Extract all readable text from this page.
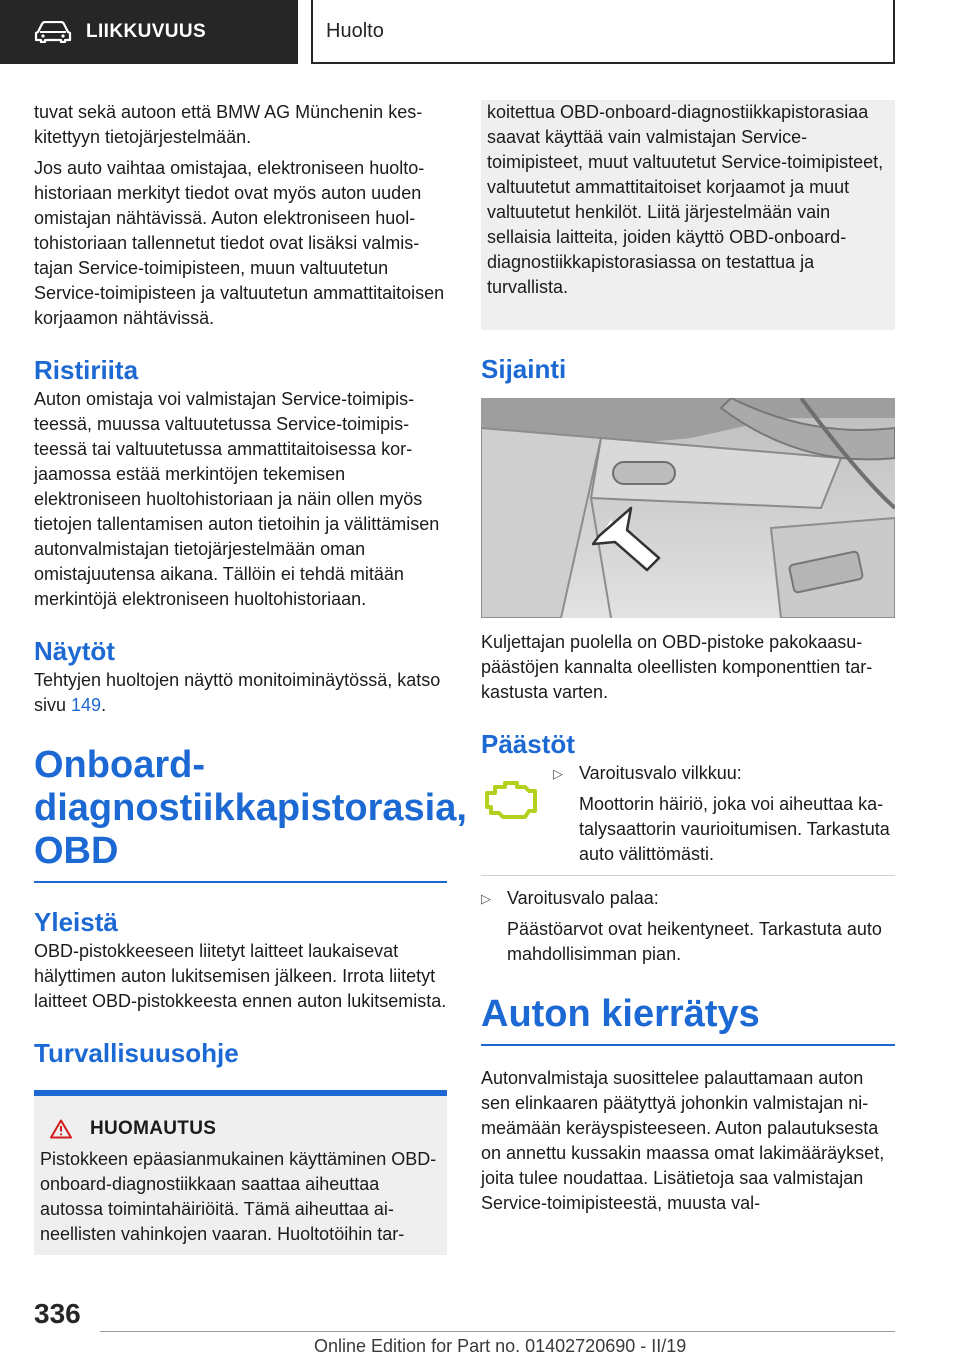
LIIKKUVUUS	Huolto

tuvat sekä autoon että BMW AG Münchenin keskitettyyn tietojärjestelmään.

Jos auto vaihtaa omistajaa, elektroniseen huoltohistoriaan merkityt tiedot ovat myös auton uuden omistajan nähtävissä. Auton elektroniseen huoltohistoriaan tallennetut tiedot ovat lisäksi valmistajan Service-toimipisteen, muun valtuutetun Service-toimipisteen ja valtuutetun ammattitaitoisen korjaamon nähtävissä.

Ristiriita

Auton omistaja voi valmistajan Service-toimipisteessä, muussa valtuutetussa Service-toimipisteessä tai valtuutetussa ammattitaitoisessa korjaamossa estää merkintöjen tekemisen elektroniseen huoltohistoriaan ja näin ollen myös tietojen tallentamisen auton tietoihin ja välittämisen autonvalmistajan tietojärjestelmään oman omistajuutensa aikana. Tällöin ei tehdä mitään merkintöjä elektroniseen huoltohistoriaan.

Näytöt

Tehtyjen huoltojen näyttö monitoiminäytössä, katso sivu 149.

Onboard-diagnostiikkapistorasia, OBD
Yleistä

OBD-pistokkeeseen liitetyt laitteet laukaisevat hälyttimen auton lukitsemisen jälkeen. Irrota liitetyt laitteet OBD-pistokkeesta ennen auton lukitsemista.

Turvallisuusohje
HUOMAUTUS

Pistokkeen epäasianmukainen käyttäminen OBD-onboard-diagnostiikkaan saattaa aiheuttaa autossa toimintahäiriöitä. Tämä aiheuttaa aineellisten vahinkojen vaaran. Huoltotöihin tar-

koitettua OBD-onboard-diagnostiikkapistorasiaa saavat käyttää vain valmistajan Service-toimipisteet, muut valtuutetut Service-toimipisteet, valtuutetut ammattitaitoiset korjaamot ja muut valtuutetut henkilöt. Liitä järjestelmään vain sellaisia laitteita, joiden käyttö OBD-onboard-diagnostiikkapistorasiassa on testattua ja turvallista.

Sijainti

Kuljettajan puolella on OBD-pistoke pakokaasupäästöjen kannalta oleellisten komponenttien tarkastusta varten.

Päästöt
▷ Varoitusvalo vilkkuu:
Moottorin häiriö, joka voi aiheuttaa katalysaattorin vaurioitumisen. Tarkastuta auto välittömästi.
▷ Varoitusvalo palaa:

Päästöarvot ovat heikentyneet. Tarkastuta auto mahdollisimman pian.

Auton kierrätys

Autonvalmistaja suosittelee palauttamaan auton sen elinkaaren päätyttyä johonkin valmistajan nimeämään keräyspisteeseen. Auton palautuksesta on annettu kussakin maassa omat lakimääräykset, joita tulee noudattaa. Lisätietoja saa valmistajan Service-toimipisteestä, muusta val-

336
Online Edition for Part no. 01402720690 - II/19
